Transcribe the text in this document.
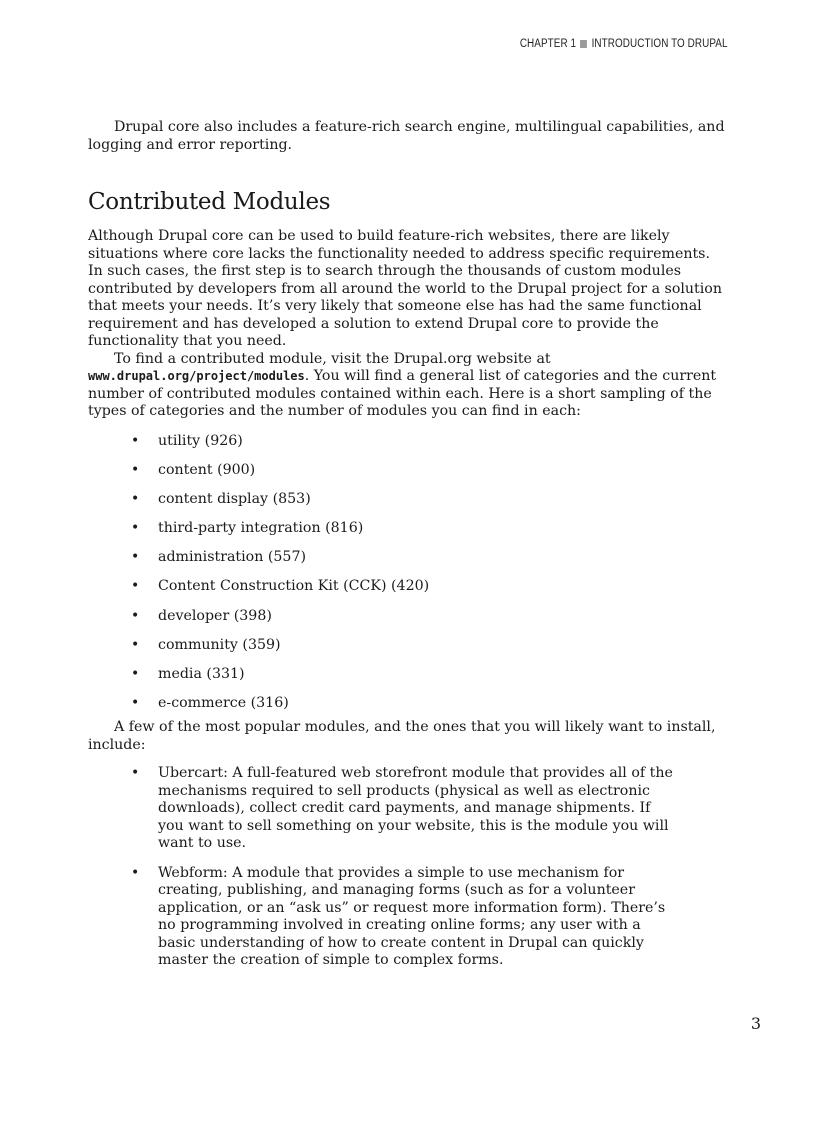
CHAPTER 1 INTRODUCTION TO DRUPAL

Drupal core also includes a feature-rich search engine, multilingual capabilities, and logging and error reporting.

Contributed Modules

Although Drupal core can be used to build feature-rich websites, there are likely situations where core lacks the functionality needed to address specific requirements. In such cases, the first step is to search through the thousands of custom modules contributed by developers from all around the world to the Drupal project for a solution that meets your needs. It’s very likely that someone else has had the same functional requirement and has developed a solution to extend Drupal core to provide the functionality that you need.

To find a contributed module, visit the Drupal.org website at www.drupal.org/project/modules. You will find a general list of categories and the current number of contributed modules contained within each. Here is a short sampling of the types of categories and the number of modules you can find in each:

• utility (926)
• content (900)
• content display (853)
• third-party integration (816)
• administration (557)
• Content Construction Kit (CCK) (420)
• developer (398)
• community (359)
• media (331)
• e-commerce (316)

A few of the most popular modules, and the ones that you will likely want to install, include:

• Ubercart: A full-featured web storefront module that provides all of the mechanisms required to sell products (physical as well as electronic downloads), collect credit card payments, and manage shipments. If you want to sell something on your website, this is the module you will want to use.
• Webform: A module that provides a simple to use mechanism for creating, publishing, and managing forms (such as for a volunteer application, or an “ask us” or request more information form). There’s no programming involved in creating online forms; any user with a basic understanding of how to create content in Drupal can quickly master the creation of simple to complex forms.
3
